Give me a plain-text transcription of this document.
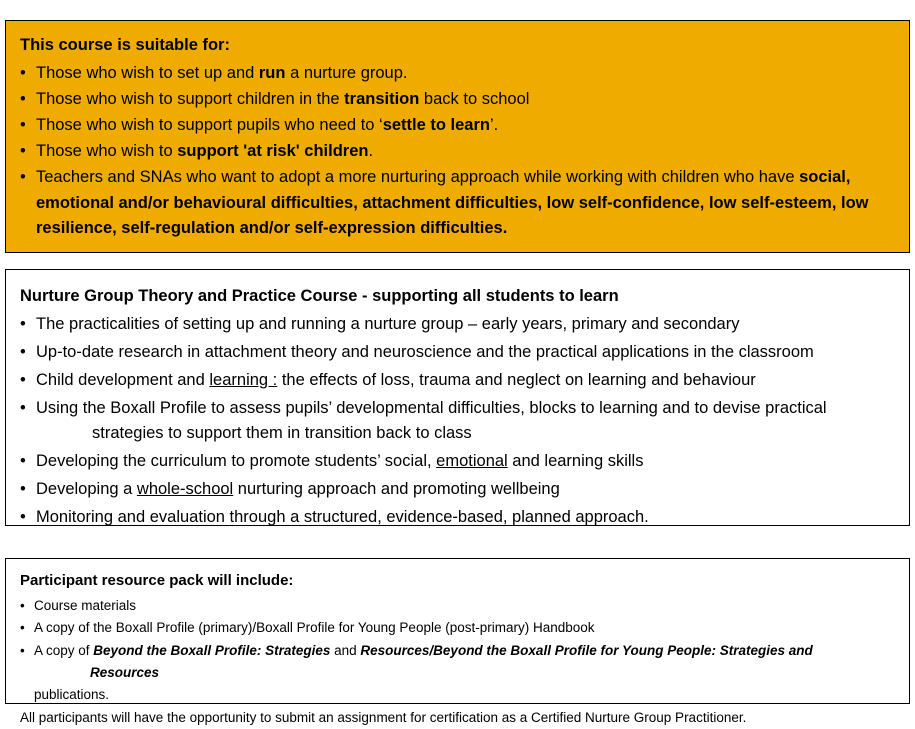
This course is suitable for:
• Those who wish to set up and run a nurture group.
• Those who wish to support children in the transition back to school
• Those who wish to support pupils who need to ‘settle to learn’.
• Those who wish to support 'at risk' children.
• Teachers and SNAs who want to adopt a more nurturing approach while working with children who have social, emotional and/or behavioural difficulties, attachment difficulties, low self-confidence, low self-esteem, low resilience, self-regulation and/or self-expression difficulties.
Nurture Group Theory and Practice Course - supporting all students to learn
• The practicalities of setting up and running a nurture group – early years, primary and secondary
• Up-to-date research in attachment theory and neuroscience and the practical applications in the classroom
• Child development and learning : the effects of loss, trauma and neglect on learning and behaviour
• Using the Boxall Profile to assess pupils’ developmental difficulties, blocks to learning and to devise practical
strategies to support them in transition back to class
• Developing the curriculum to promote students’ social, emotional and learning skills
• Developing a whole-school nurturing approach and promoting wellbeing
• Monitoring and evaluation through a structured, evidence-based, planned approach.
Participant resource pack will include:
• Course materials
• A copy of the Boxall Profile (primary)/Boxall Profile for Young People (post-primary) Handbook
• A copy of Beyond the Boxall Profile: Strategies and Resources/Beyond the Boxall Profile for Young People: Strategies and
Resources
publications.

All participants will have the opportunity to submit an assignment for certification as a Certified Nurture Group Practitioner.
